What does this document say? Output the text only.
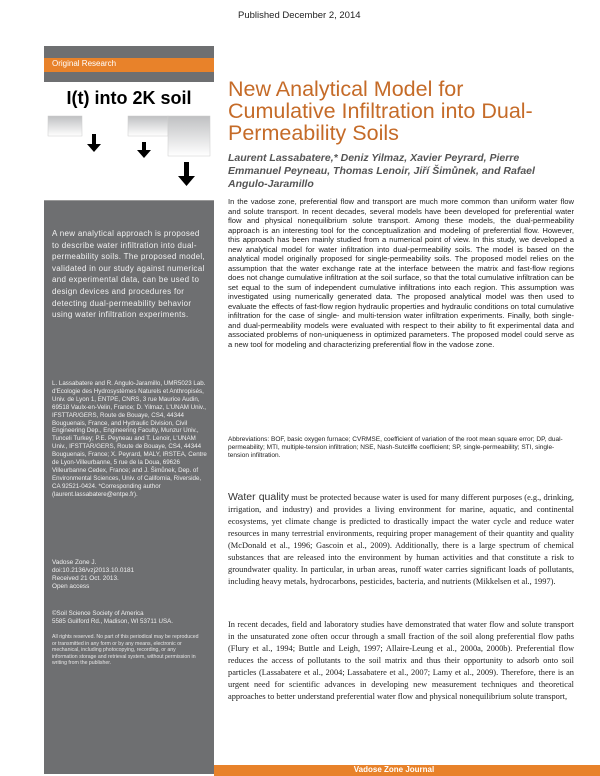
Published December 2, 2014
Original Research
I(t) into 2K soil
A new analytical approach is proposed to describe water infiltration into dual-permeability soils. The proposed model, validated in our study against numerical and experimental data, can be used to design devices and procedures for detecting dual-permeability behavior using water infiltration experiments.
L. Lassabatere and R. Angulo-Jaramillo, UMR5023 Lab. d'Ecologie des Hydrosystèmes Naturels et Anthropisés, Univ. de Lyon 1, ENTPE, CNRS, 3 rue Maurice Audin, 69518 Vaulx-en-Velin, France; D. Yilmaz, L'UNAM Univ., IFSTTAR/GERS, Route de Bouaye, CS4, 44344 Bouguenais, France, and Hydraulic Division, Civil Engineering Dep., Engineering Faculty, Munzur Univ., Tunceli Turkey; P.E. Peyneau and T. Lenoir, L'UNAM Univ., IFSTTAR/GERS, Route de Bouaye, CS4, 44344 Bouguenais, France; X. Peyrard, MALY, IRSTEA, Centre de Lyon-Villeurbanne, 5 rue de la Doua, 69626 Villeurbanne Cedex, France; and J. Šimůnek, Dep. of Environmental Sciences, Univ. of California, Riverside, CA 92521-0424. *Corresponding author (laurent.lassabatere@entpe.fr).
Vadose Zone J.
doi:10.2136/vzj2013.10.0181
Received 21 Oct. 2013.
Open access
©Soil Science Society of America
5585 Guilford Rd., Madison, WI 53711 USA.
All rights reserved. No part of this periodical may be reproduced or transmitted in any form or by any means, electronic or mechanical, including photocopying, recording, or any information storage and retrieval system, without permission in writing from the publisher.
New Analytical Model for Cumulative Infiltration into Dual-Permeability Soils
Laurent Lassabatere,* Deniz Yilmaz, Xavier Peyrard, Pierre Emmanuel Peyneau, Thomas Lenoir, Jiří Šimůnek, and Rafael Angulo-Jaramillo
In the vadose zone, preferential flow and transport are much more common than uniform water flow and solute transport. In recent decades, several models have been developed for preferential water flow and physical nonequilibrium solute transport. Among these models, the dual-permeability approach is an interesting tool for the conceptualization and modeling of preferential flow. However, this approach has been mainly studied from a numerical point of view. In this study, we developed a new analytical model for water infiltration into dual-permeability soils. The model is based on the analytical model originally proposed for single-permeability soils. The proposed model relies on the assumption that the water exchange rate at the interface between the matrix and fast-flow regions does not change cumulative infiltration at the soil surface, so that the total cumulative infiltration can be set equal to the sum of independent cumulative infiltrations into each region. This assumption was investigated using numerically generated data. The proposed analytical model was then used to evaluate the effects of fast-flow region hydraulic properties and hydraulic conditions on total cumulative infiltration for the case of single- and multi-tension water infiltration experiments. Finally, both single- and dual-permeability models were evaluated with respect to their ability to fit experimental data and associated problems of non-uniqueness in optimized parameters. The proposed model could serve as a new tool for modeling and characterizing preferential flow in the vadose zone.
Abbreviations: BOF, basic oxygen furnace; CVRMSE, coefficient of variation of the root mean square error; DP, dual-permeability; MTI, multiple-tension infiltration; NSE, Nash-Sutcliffe coefficient; SP, single-permeability; STI, single-tension infiltration.
Water quality must be protected because water is used for many different purposes (e.g., drinking, irrigation, and industry) and provides a living environment for marine, aquatic, and continental ecosystems, yet climate change is predicted to drastically impact the water cycle and reduce water resources in many terrestrial environments, requiring proper management of their quantity and quality (McDonald et al., 1996; Gascoin et al., 2009). Additionally, there is a large spectrum of chemical substances that are released into the environment by human activities and that constitute a risk to groundwater quality. In particular, in urban areas, runoff water carries significant loads of pollutants, including heavy metals, hydrocarbons, pesticides, bacteria, and nutrients (Mikkelsen et al., 1997).
In recent decades, field and laboratory studies have demonstrated that water flow and solute transport in the unsaturated zone often occur through a small fraction of the soil along preferential flow paths (Flury et al., 1994; Buttle and Leigh, 1997; Allaire-Leung et al., 2000a, 2000b). Preferential flow reduces the access of pollutants to the soil matrix and thus their opportunity to adsorb onto soil particles (Lassabatere et al., 2004; Lassabatere et al., 2007; Lamy et al., 2009). Therefore, there is an urgent need for scientific advances in developing new measurement techniques and theoretical approaches to better understand preferential water flow and physical nonequilibrium solute transport,
Vadose Zone Journal
